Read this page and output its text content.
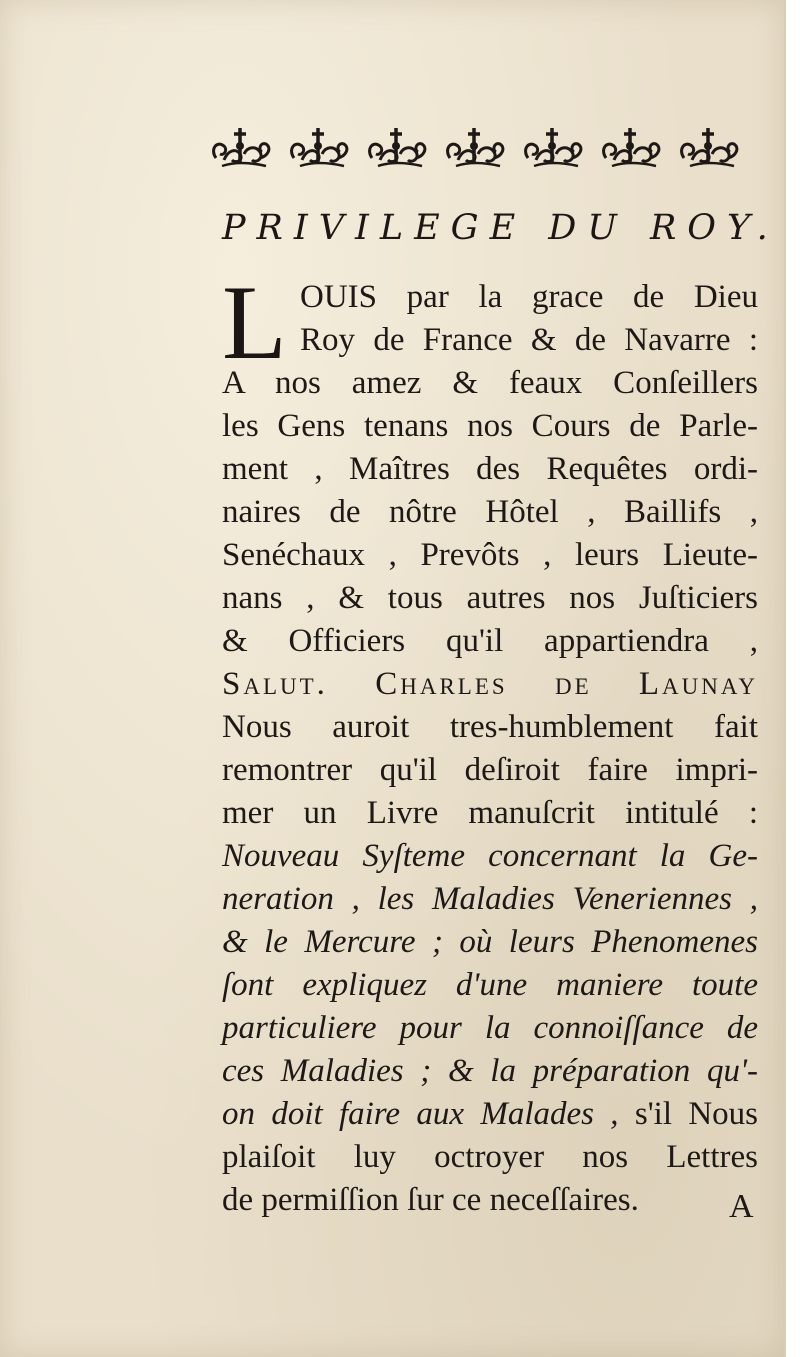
PRIVILEGE DU ROY.
L OUIS par la grace de Dieu
Roy de France & de Navarre :
A nos amez & feaux Conſeillers
les Gens tenans nos Cours de Parle-
ment , Maîtres des Requêtes ordi-
naires de nôtre Hôtel , Baillifs ,
Senéchaux , Prevôts , leurs Lieute-
nans , & tous autres nos Juſticiers
& Officiers qu'il appartiendra ,
Salut. Charles de Launay
Nous auroit tres-humblement fait
remontrer qu'il deſiroit faire impri-
mer un Livre manuſcrit intitulé :
Nouveau Syſteme concernant la Ge-
neration , les Maladies Veneriennes ,
& le Mercure ; où leurs Phenomenes
ſont expliquez d'une maniere toute
particuliere pour la connoiſſance de
ces Maladies ; & la préparation qu'-
on doit faire aux Malades , s'il Nous
plaiſoit luy octroyer nos Lettres
de permiſſion ſur ce neceſſaires.	A
